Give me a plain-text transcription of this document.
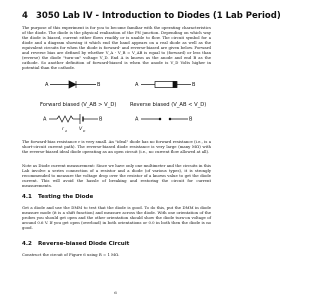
4 3050 Lab IV - Introduction to Diodes (1 Lab Period)

The purpose of this experiment is for you to become familiar with the operating characteristics of the diode. The diode is the physical realization of the PN junction. Depending on which way the diode is biased, current either flows readily or is unable to flow. The circuit symbol for a diode and a diagram showing it which end the band appears on a real diode as well as the equivalent circuits for when the diode is forward- and reverse-biased are given below. Forward and reverse bias are defined by whether V_A - V_B = V_AB is equal to (forward) or less than (reverse) the diode "turn-on" voltage V_D. End A is known as the anode and end B as the cathode. So another definition of forward-biased is when the anode is V_D Volts higher in potential than the cathode.

A	B	A	B
Forward biased (V_AB > V_D)	Reverse biased (V_AB < V_D)
A	B
r d	V D
A	B

The forward-bias resistance r is very small. An "ideal" diode has no forward resistance (i.e., is a short-circuit current path). The reverse-biased diode resistance is very large (many MΩ) with the reverse-biased ideal diode operating as an open circuit (i.e., no current flow allowed at all).

Note as Diode current measurement: Since we have only one multimeter and the circuits in this Lab involve a series connection of a resistor and a diode (of various types), it is strongly recommended to measure the voltage drop over the resistor of a known value to get the diode current. This will avoid the hassle of breaking and restoring the circuit for current measurements.

4.1 Testing the Diode

Get a diode and use the DMM to test that the diode is good. To do this, put the DMM in diode measure mode (it is a shift function) and measure across the diode. With one orientation of the probes you should get open and the other orientation should show the diode turn-on voltage of around 0.6 V. If you get open (overload) in both orientations or 0.0 in both then the diode is no good.

4.2 Reverse-biased Diode Circuit

Construct the circuit of Figure 6 using R = 1 MΩ.

6
